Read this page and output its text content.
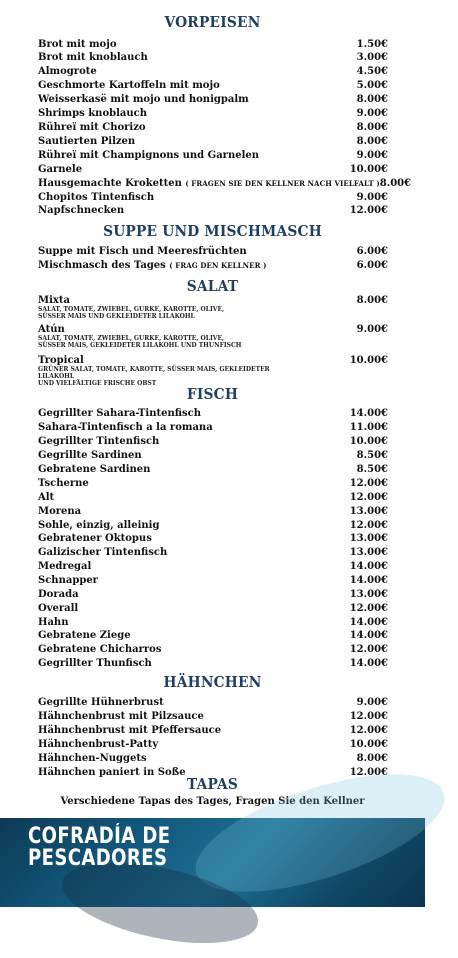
VORPEISEN
Brot mit mojo	1.50€
Brot mit knoblauch	3.00€
Almogrote	4.50€
Geschmorte Kartoffeln mit mojo	5.00€
Weisserkasë mit mojo und honigpalm	8.00€
Shrimps knoblauch	9.00€
Rühreï mit Chorizo	8.00€
Sautierten Pilzen	8.00€
Rühreï mit Champignons und Garnelen	9.00€
Garnele	10.00€
Hausgemachte Kroketten ( FRAGEN SIE DEN KELLNER NACH VIELFALT ) 8.00€
Chopitos Tintenfisch	9.00€
Napfschnecken	12.00€
SUPPE UND MISCHMASCH
Suppe mit Fisch und Meeresfrüchten	6.00€
Mischmasch des Tages ( FRAG DEN KELLNER )	6.00€
SALAT
Mixta	8.00€
SALAT, TOMATE, ZWIEBEL, GURKE, KAROTTE, OLIVE,
SÜSSER MAIS UND GEKLEIDETER LILAKOHL
Atún	9.00€
SALAT, TOMATE, ZWIEBEL, GURKE, KAROTTE, OLIVE,
SÜSSER MAIS, GEKLEIDETER LILAKOHL UND THUNFISCH
Tropical	10.00€
GRÜNER SALAT, TOMATE, KAROTTE, SÜSSER MAIS, GEKLEIDETER LILAKOHL
UND VIELFÄLTIGE FRISCHE OBST
FISCH
Gegrillter Sahara-Tintenfisch	14.00€
Sahara-Tintenfisch a la romana	11.00€
Gegrillter Tintenfisch	10.00€
Gegrillte Sardinen	8.50€
Gebratene Sardinen	8.50€
Tscherne	12.00€
Alt	12.00€
Morena	13.00€
Sohle, einzig, alleinig	12.00€
Gebratener Oktopus	13.00€
Galizischer Tintenfisch	13.00€
Medregal	14.00€
Schnapper	14.00€
Dorada	13.00€
Overall	12.00€
Hahn	14.00€
Gebratene Ziege	14.00€
Gebratene Chicharros	12.00€
Gegrillter Thunfisch	14.00€
HÄHNCHEN
Gegrillte Hühnerbrust	9.00€
Hähnchenbrust mit Pilzsauce	12.00€
Hähnchenbrust mit Pfeffersauce	12.00€
Hähnchenbrust-Patty	10.00€
Hähnchen-Nuggets	8.00€
Hähnchen paniert in Soße	12.00€
TAPAS
Verschiedene Tapas des Tages, Fragen Sie den Kellner
COFRADÍA DE
PESCADORES
